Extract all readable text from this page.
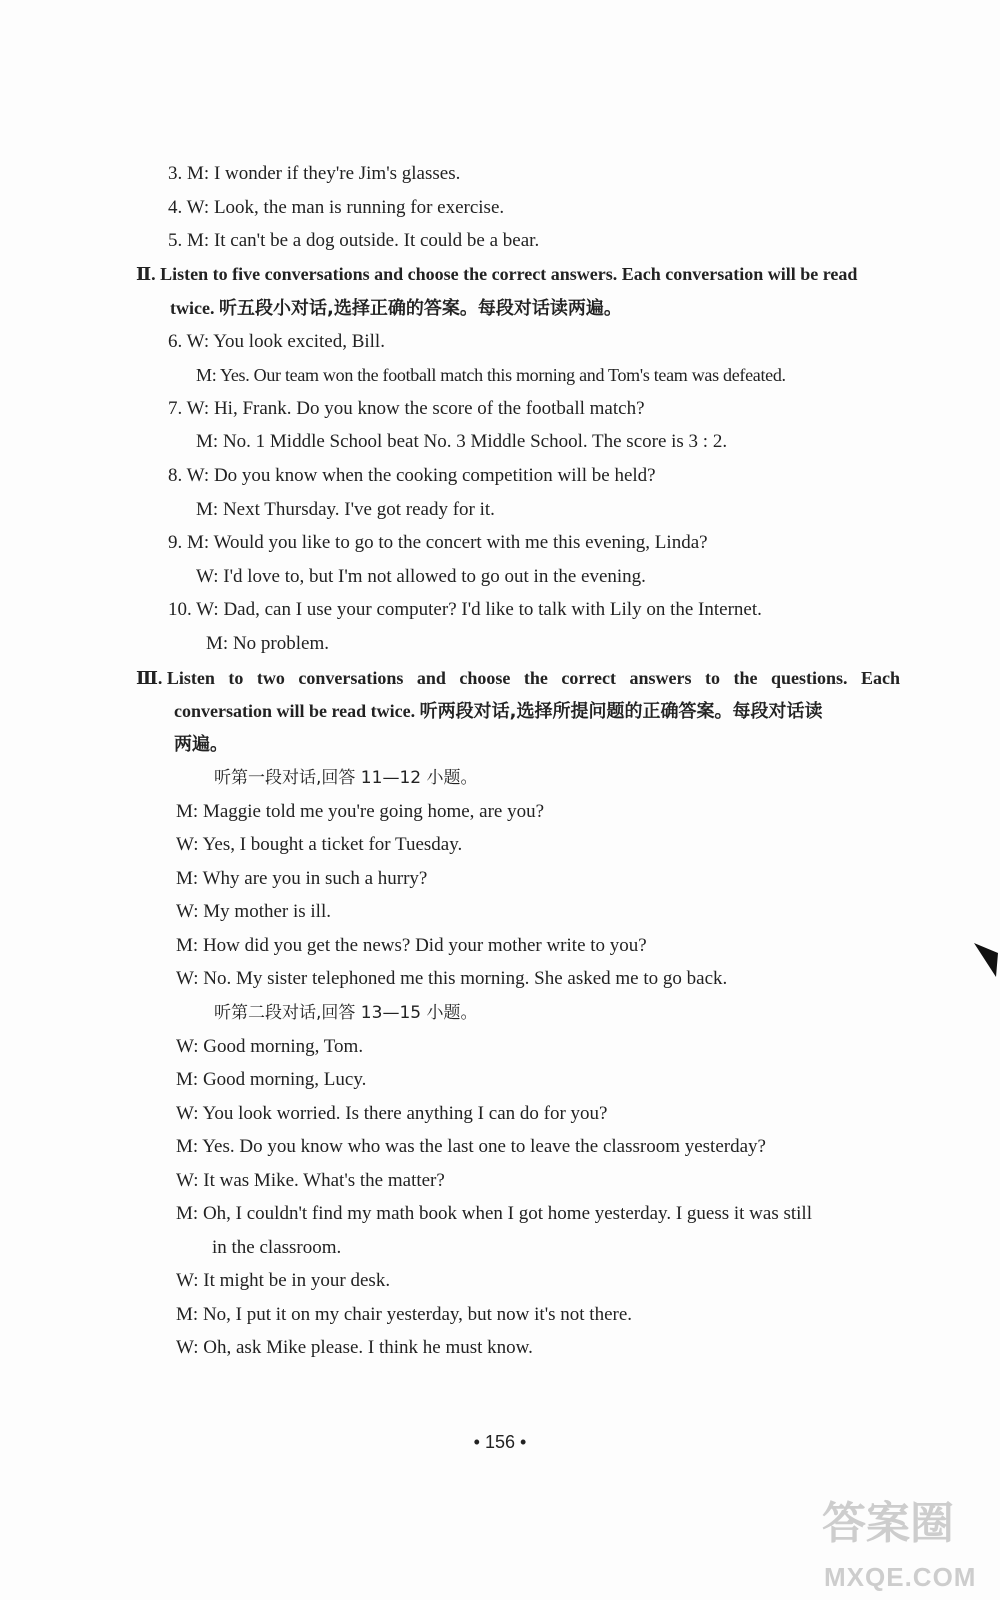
3. M: I wonder if they're Jim's glasses.
4. W: Look, the man is running for exercise.
5. M: It can't be a dog outside. It could be a bear.
Ⅱ. Listen to five conversations and choose the correct answers. Each conversation will be read
twice. 听五段小对话,选择正确的答案。每段对话读两遍。
6. W: You look excited, Bill.
M: Yes. Our team won the football match this morning and Tom's team was defeated.
7. W: Hi, Frank. Do you know the score of the football match?
M: No. 1 Middle School beat No. 3 Middle School. The score is 3 : 2.
8. W: Do you know when the cooking competition will be held?
M: Next Thursday. I've got ready for it.
9. M: Would you like to go to the concert with me this evening, Linda?
W: I'd love to, but I'm not allowed to go out in the evening.
10. W: Dad, can I use your computer? I'd like to talk with Lily on the Internet.
M: No problem.
Ⅲ. Listen to two conversations and choose the correct answers to the questions. Each
conversation will be read twice. 听两段对话,选择所提问题的正确答案。每段对话读
两遍。
听第一段对话,回答 11—12 小题。
M: Maggie told me you're going home, are you?
W: Yes, I bought a ticket for Tuesday.
M: Why are you in such a hurry?
W: My mother is ill.
M: How did you get the news? Did your mother write to you?
W: No. My sister telephoned me this morning. She asked me to go back.
听第二段对话,回答 13—15 小题。
W: Good morning, Tom.
M: Good morning, Lucy.
W: You look worried. Is there anything I can do for you?
M: Yes. Do you know who was the last one to leave the classroom yesterday?
W: It was Mike. What's the matter?
M: Oh, I couldn't find my math book when I got home yesterday. I guess it was still
in the classroom.
W: It might be in your desk.
M: No, I put it on my chair yesterday, but now it's not there.
W: Oh, ask Mike please. I think he must know.
• 156 •
答案圈
MXQE.COM
